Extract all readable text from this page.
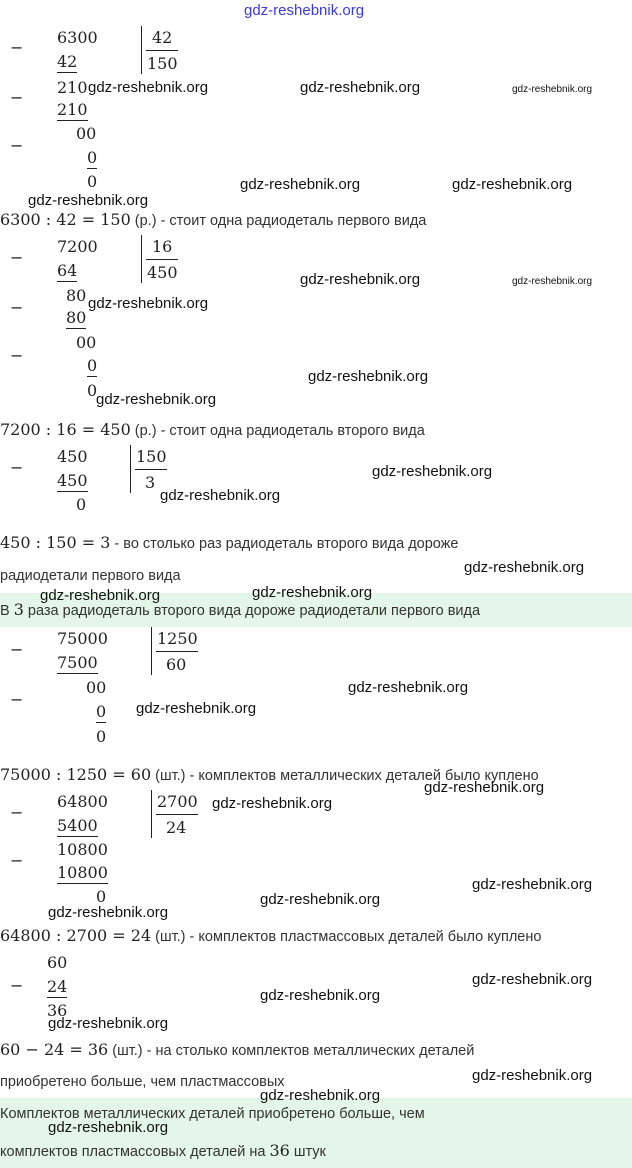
gdz-reshebnik.org
−
−
−
6300
42
210
210
00
0
0
42
150
gdz-reshebnik.org	gdz-reshebnik.org	gdz-reshebnik.org
gdz-reshebnik.org	gdz-reshebnik.org
gdz-reshebnik.org
6300 : 42 = 150 (р.) - стоит одна радиодеталь первого вида
−
−
−
7200
64
80
80
00
0
0
16
450	gdz-reshebnik.org	gdz-reshebnik.org
gdz-reshebnik.org
gdz-reshebnik.org
gdz-reshebnik.org
7200 : 16 = 450 (р.) - стоит одна радиодеталь второго вида
−
450
450
0
150
3
gdz-reshebnik.org
gdz-reshebnik.org
450 : 150 = 3 - во столько раз радиодеталь второго вида дороже
радиодетали первого вида	gdz-reshebnik.org
В 3 раза радиодеталь второго вида дороже радиодетали первого вида
gdz-reshebnik.org
gdz-reshebnik.org
−
−
75000
7500
00
0
0
1250
60
gdz-reshebnik.org
gdz-reshebnik.org
75000 : 1250 = 60 (шт.) - комплектов металлических деталей было куплено
gdz-reshebnik.org
−
−
64800
5400
10800
10800
0
2700
24
gdz-reshebnik.org
gdz-reshebnik.org
gdz-reshebnik.org
gdz-reshebnik.org
64800 : 2700 = 24 (шт.) - комплектов пластмассовых деталей было куплено
−
60
24
36
gdz-reshebnik.org
gdz-reshebnik.org
gdz-reshebnik.org
60 − 24 = 36 (шт.) - на столько комплектов металлических деталей
приобретено больше, чем пластмассовых	gdz-reshebnik.org
Комплектов металлических деталей приобретено больше, чем
комплектов пластмассовых деталей на 36 штук
gdz-reshebnik.org
gdz-reshebnik.org
